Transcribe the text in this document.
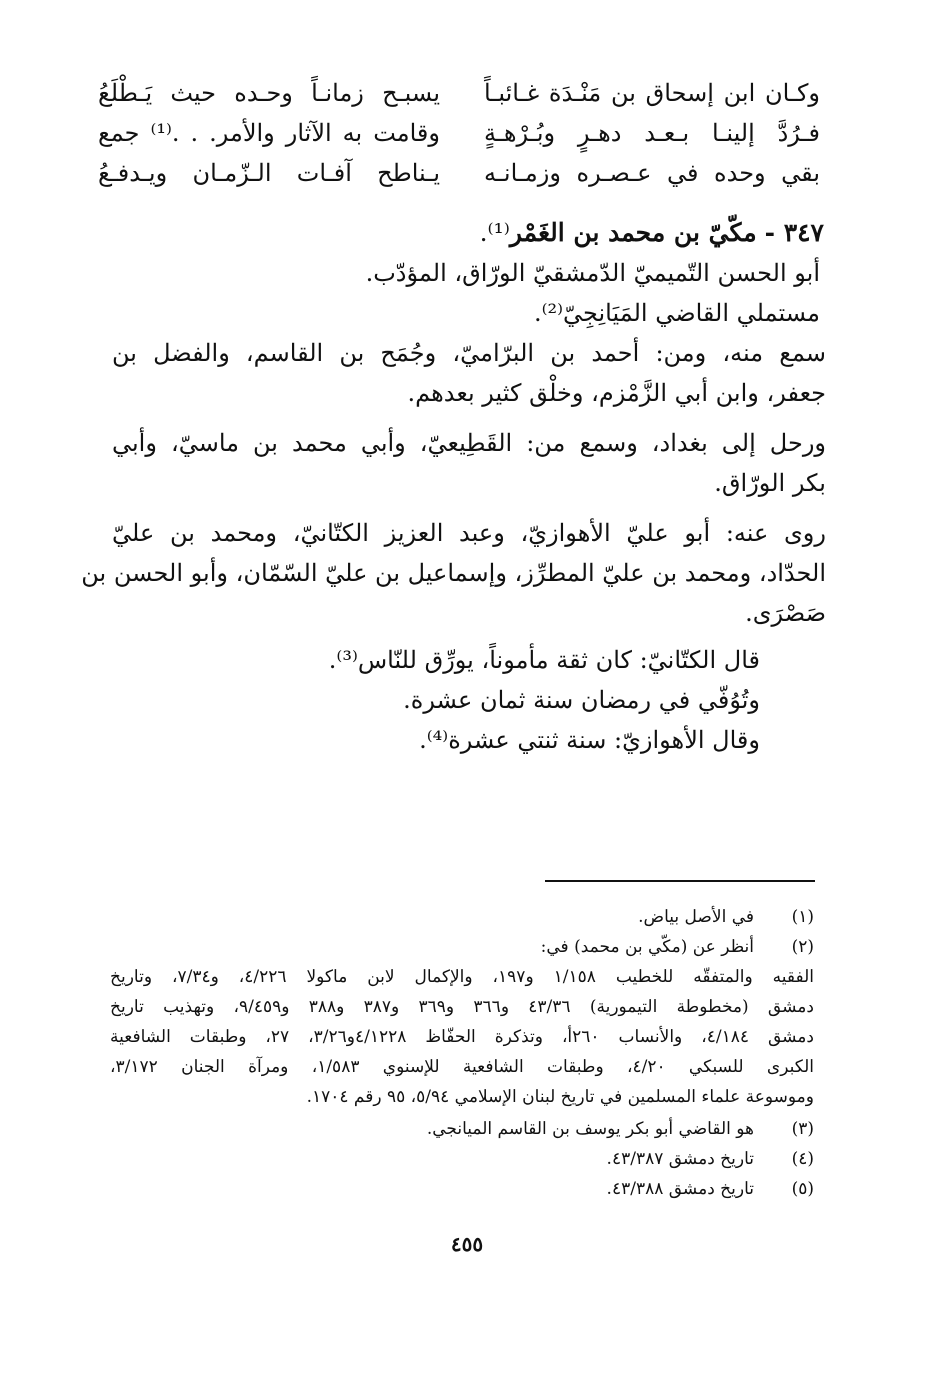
وكـان ابن إسحاق بن مَنْـدَة غـائبـاً
يسبـح زمانـاً وحـده حيث يَـطْلَعُ
فـرُدَّ إلينـا بـعـد دهـرٍ وبُـرْهـةٍ
وقامت به الآثار والأمر. . .⁽¹⁾ جمع
بقي وحده في عـصـره وزمـانـه
يـناطح آفـات الـزّمـان ويـدفـعُ
٣٤٧ - مكّيّ بن محمد بن الغَمْر⁽¹⁾.
أبو الحسن التّميميّ الدّمشقيّ الورّاق، المؤدّب.
مستملي القاضي المَيَانِجِيّ⁽²⁾.
سمع منه، ومن: أحمد بن البرّاميّ، وجُمَح بن القاسم، والفضل بن
جعفر، وابن أبي الزَّمْزم، وخلْق كثير بعدهم.
ورحل إلى بغداد، وسمع من: القَطِيعيّ، وأبي محمد بن ماسيّ، وأبي
بكر الورّاق.
روى عنه: أبو عليّ الأهوازيّ، وعبد العزيز الكتّانيّ، ومحمد بن عليّ
الحدّاد، ومحمد بن عليّ المطرِّز، وإسماعيل بن عليّ السّمّان، وأبو الحسن بن
صَصْرَى.
قال الكتّانيّ: كان ثقة مأموناً، يورِّق للنّاس⁽³⁾.
وتُوُفّي في رمضان سنة ثمان عشرة.
وقال الأهوازيّ: سنة ثنتي عشرة⁽⁴⁾.
(١)
في الأصل بياض.
(٢)
أنظر عن (مكّي بن محمد) في:
الفقيه والمتفقّه للخطيب ١/١٥٨ و١٩٧، والإكمال لابن ماكولا ٤/٢٢٦، و٧/٣٤، وتاريخ
دمشق (مخطوطة التيمورية) ٤٣/٣٦ و٣٦٦ و٣٦٩ و٣٨٧ و٣٨٨ و٩/٤٥٩، وتهذيب تاريخ
دمشق ٤/١٨٤، والأنساب ٢٦٠أ، وتذكرة الحفّاظ ٤/١٢٢٨و٣/٢٦، ٢٧، وطبقات الشافعية
الكبرى للسبكي ٤/٢٠، وطبقات الشافعية للإسنوي ١/٥٨٣، ومرآة الجنان ٣/١٧٢،
وموسوعة علماء المسلمين في تاريخ لبنان الإسلامي ٥/٩٤، ٩٥ رقم ١٧٠٤.
(٣)
هو القاضي أبو بكر يوسف بن القاسم الميانجي.
(٤)
تاريخ دمشق ٤٣/٣٨٧.
(٥)
تاريخ دمشق ٤٣/٣٨٨.
٤٥٥
